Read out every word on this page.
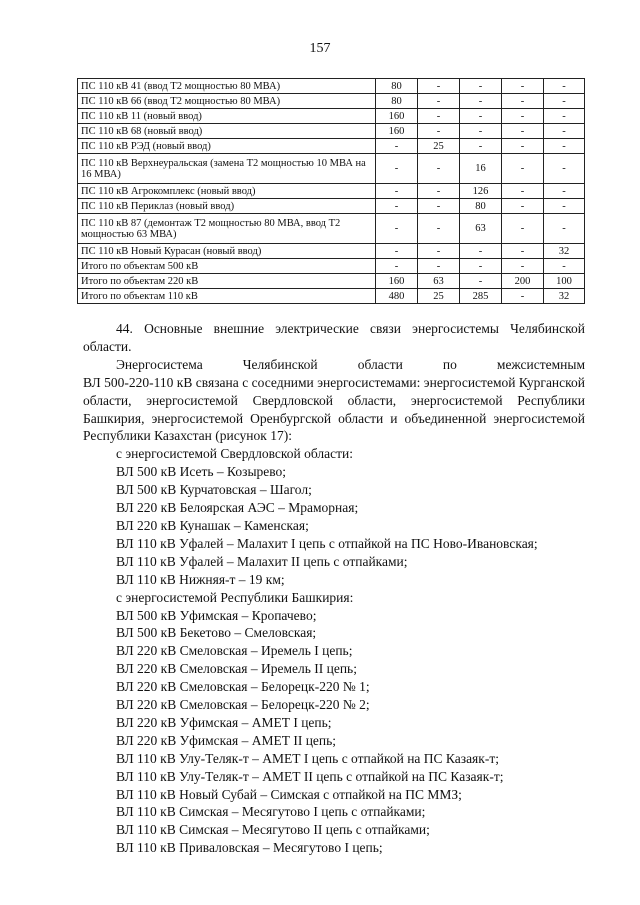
157
ПС 110 кВ 41 (ввод Т2 мощностью 80 МВА)	80	-	-	-	-
ПС 110 кВ 66 (ввод Т2 мощностью 80 МВА)	80	-	-	-	-
ПС 110 кВ 11 (новый ввод)	160	-	-	-	-
ПС 110 кВ 68 (новый ввод)	160	-	-	-	-
ПС 110 кВ РЭД (новый ввод)	-	25	-	-	-
ПС 110 кВ Верхнеуральская (замена Т2 мощностью 10 МВА на 16 МВА)	-	-	16	-	-
ПС 110 кВ Агрокомплекс (новый ввод)	-	-	126	-	-
ПС 110 кВ Периклаз (новый ввод)	-	-	80	-	-
ПС 110 кВ 87 (демонтаж Т2 мощностью 80 МВА, ввод Т2 мощностью 63 МВА)	-	-	63	-	-
ПС 110 кВ Новый Курасан (новый ввод)	-	-	-	-	32
Итого по объектам 500 кВ	-	-	-	-	-
Итого по объектам 220 кВ	160	63	-	200	100
Итого по объектам 110 кВ	480	25	285	-	32

44. Основные внешние электрические связи энергосистемы Челябинской области.

Энергосистема Челябинской области по межсистемным

ВЛ 500-220-110 кВ связана с соседними энергосистемами: энергосистемой Курганской области, энергосистемой Свердловской области, энергосистемой Республики Башкирия, энергосистемой Оренбургской области и объединенной энергосистемой Республики Казахстан (рисунок 17):

с энергосистемой Свердловской области:

ВЛ 500 кВ Исеть – Козырево;

ВЛ 500 кВ Курчатовская – Шагол;

ВЛ 220 кВ Белоярская АЭС – Мраморная;

ВЛ 220 кВ Кунашак – Каменская;

ВЛ 110 кВ Уфалей – Малахит I цепь с отпайкой на ПС Ново-Ивановская;

ВЛ 110 кВ Уфалей – Малахит II цепь с отпайками;

ВЛ 110 кВ Нижняя-т – 19 км;

с энергосистемой Республики Башкирия:

ВЛ 500 кВ Уфимская – Кропачево;

ВЛ 500 кВ Бекетово – Смеловская;

ВЛ 220 кВ Смеловская – Иремель I цепь;

ВЛ 220 кВ Смеловская – Иремель II цепь;

ВЛ 220 кВ Смеловская – Белорецк-220 № 1;

ВЛ 220 кВ Смеловская – Белорецк-220 № 2;

ВЛ 220 кВ Уфимская – АМЕТ I цепь;

ВЛ 220 кВ Уфимская – АМЕТ II цепь;

ВЛ 110 кВ Улу-Теляк-т – АМЕТ I цепь с отпайкой на ПС Казаяк-т;

ВЛ 110 кВ Улу-Теляк-т – АМЕТ II цепь с отпайкой на ПС Казаяк-т;

ВЛ 110 кВ Новый Субай – Симская с отпайкой на ПС ММЗ;

ВЛ 110 кВ Симская – Месягутово I цепь с отпайками;

ВЛ 110 кВ Симская – Месягутово II цепь с отпайками;

ВЛ 110 кВ Приваловская – Месягутово I цепь;
